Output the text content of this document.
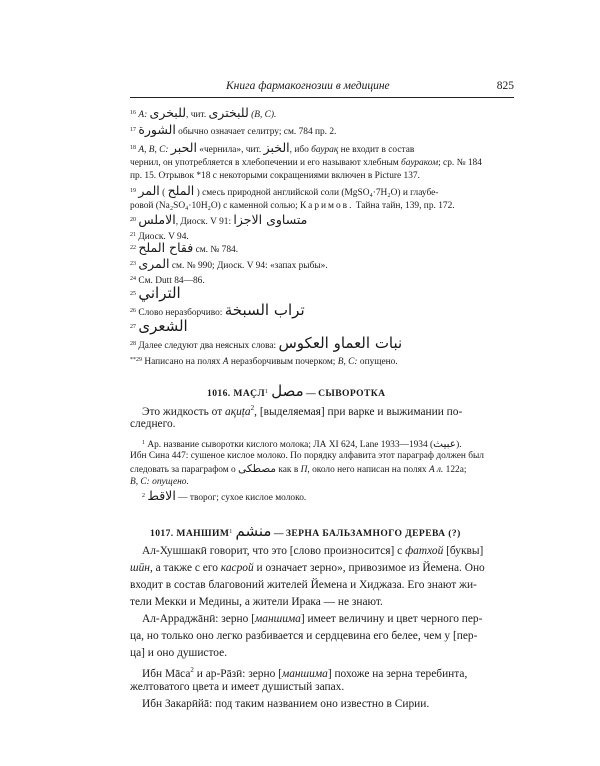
Книга фармакогнозии в медицине	825
$^{16}$ A: للبخرى, чит. للبخترى (B, C).
$^{17}$ الشورة обычно означает селитру; см. 784 пр. 2.
$^{18}$ A, B, C: الحبر «чернила», чит. الخبز, ибо баурақ не входит в состав
чернил, он употребляется в хлебопечении и его называют хлебным баураком; ср. № 184
пр. 15. Отрывок *18 с некоторыми сокращениями включен в Picture 137.
$^{19}$ المر ( الملح ) смесь природной английской соли (MgSO₄·7H₂O) и глаубе-
ровой (Na₂SO₄·10H₂O) с каменной солью; Каримов. Тайна тайн, 139, пр. 172.
$^{20}$ الاملس, Диоск. V 91: متساوى الاجزا
$^{21}$ Диоск. V 94.
$^{22}$ فقاح الملح см. № 784.
$^{23}$ المرى см. № 990; Диоск. V 94: «запах рыбы».
$^{24}$ См. Dutt 84—86.
$^{25}$ التراني
$^{26}$ Слово неразборчиво: تراب السبخة
$^{27}$ الشعرى
$^{28}$ Далее следуют два неясных слова: نبات العماو العكوس
$^{**29}$ Написано на полях A неразборчивым почерком; B, C: опущено.
1016. МАҪЛ$^1$ مصل — СЫВОРОТКА
Это жидкость от ақиṭа$^2$, [выделяемая] при варке и выжимании по-
следнего.
$^1$ Ар. название сыворотки кислого молока; ЛА XI 624, Lane 1933—1934 (عبيث).
Ибн Сина 447: сушеное кислое молоко. По порядку алфавита этот параграф должен был
следовать за параграфом о مصطكى как в П, около него написан на полях A л. 122а;
B, C: опущено.
$^2$ الاقط — творог; сухое кислое молоко.
1017. МАНШИМ$^1$ منشم — ЗЕРНА БАЛЬЗАМНОГО ДЕРЕВА (?)
Ал-Хушшакӣ говорит, что это [слово произносится] с фатхой [буквы]
шӣн, а также с его касрой и означает зерно», привозимое из Йемена. Оно
входит в состав благовоний жителей Йемена и Хиджаза. Его знают жи-
тели Мекки и Медины, а жители Ирака — не знают.
Ал-Арраджāнӣ: зерно [маншима] имеет величину и цвет черного пер-
ца, но только оно легко разбивается и сердцевина его белее, чем у [пер-
ца] и оно душистое.
Ибн Мāса$^2$ и ар-Рāзӣ: зерно [маншима] похоже на зерна теребинта,
желтоватого цвета и имеет душистый запах.
Ибн Закарӣйā: под таким названием оно известно в Сирии.
